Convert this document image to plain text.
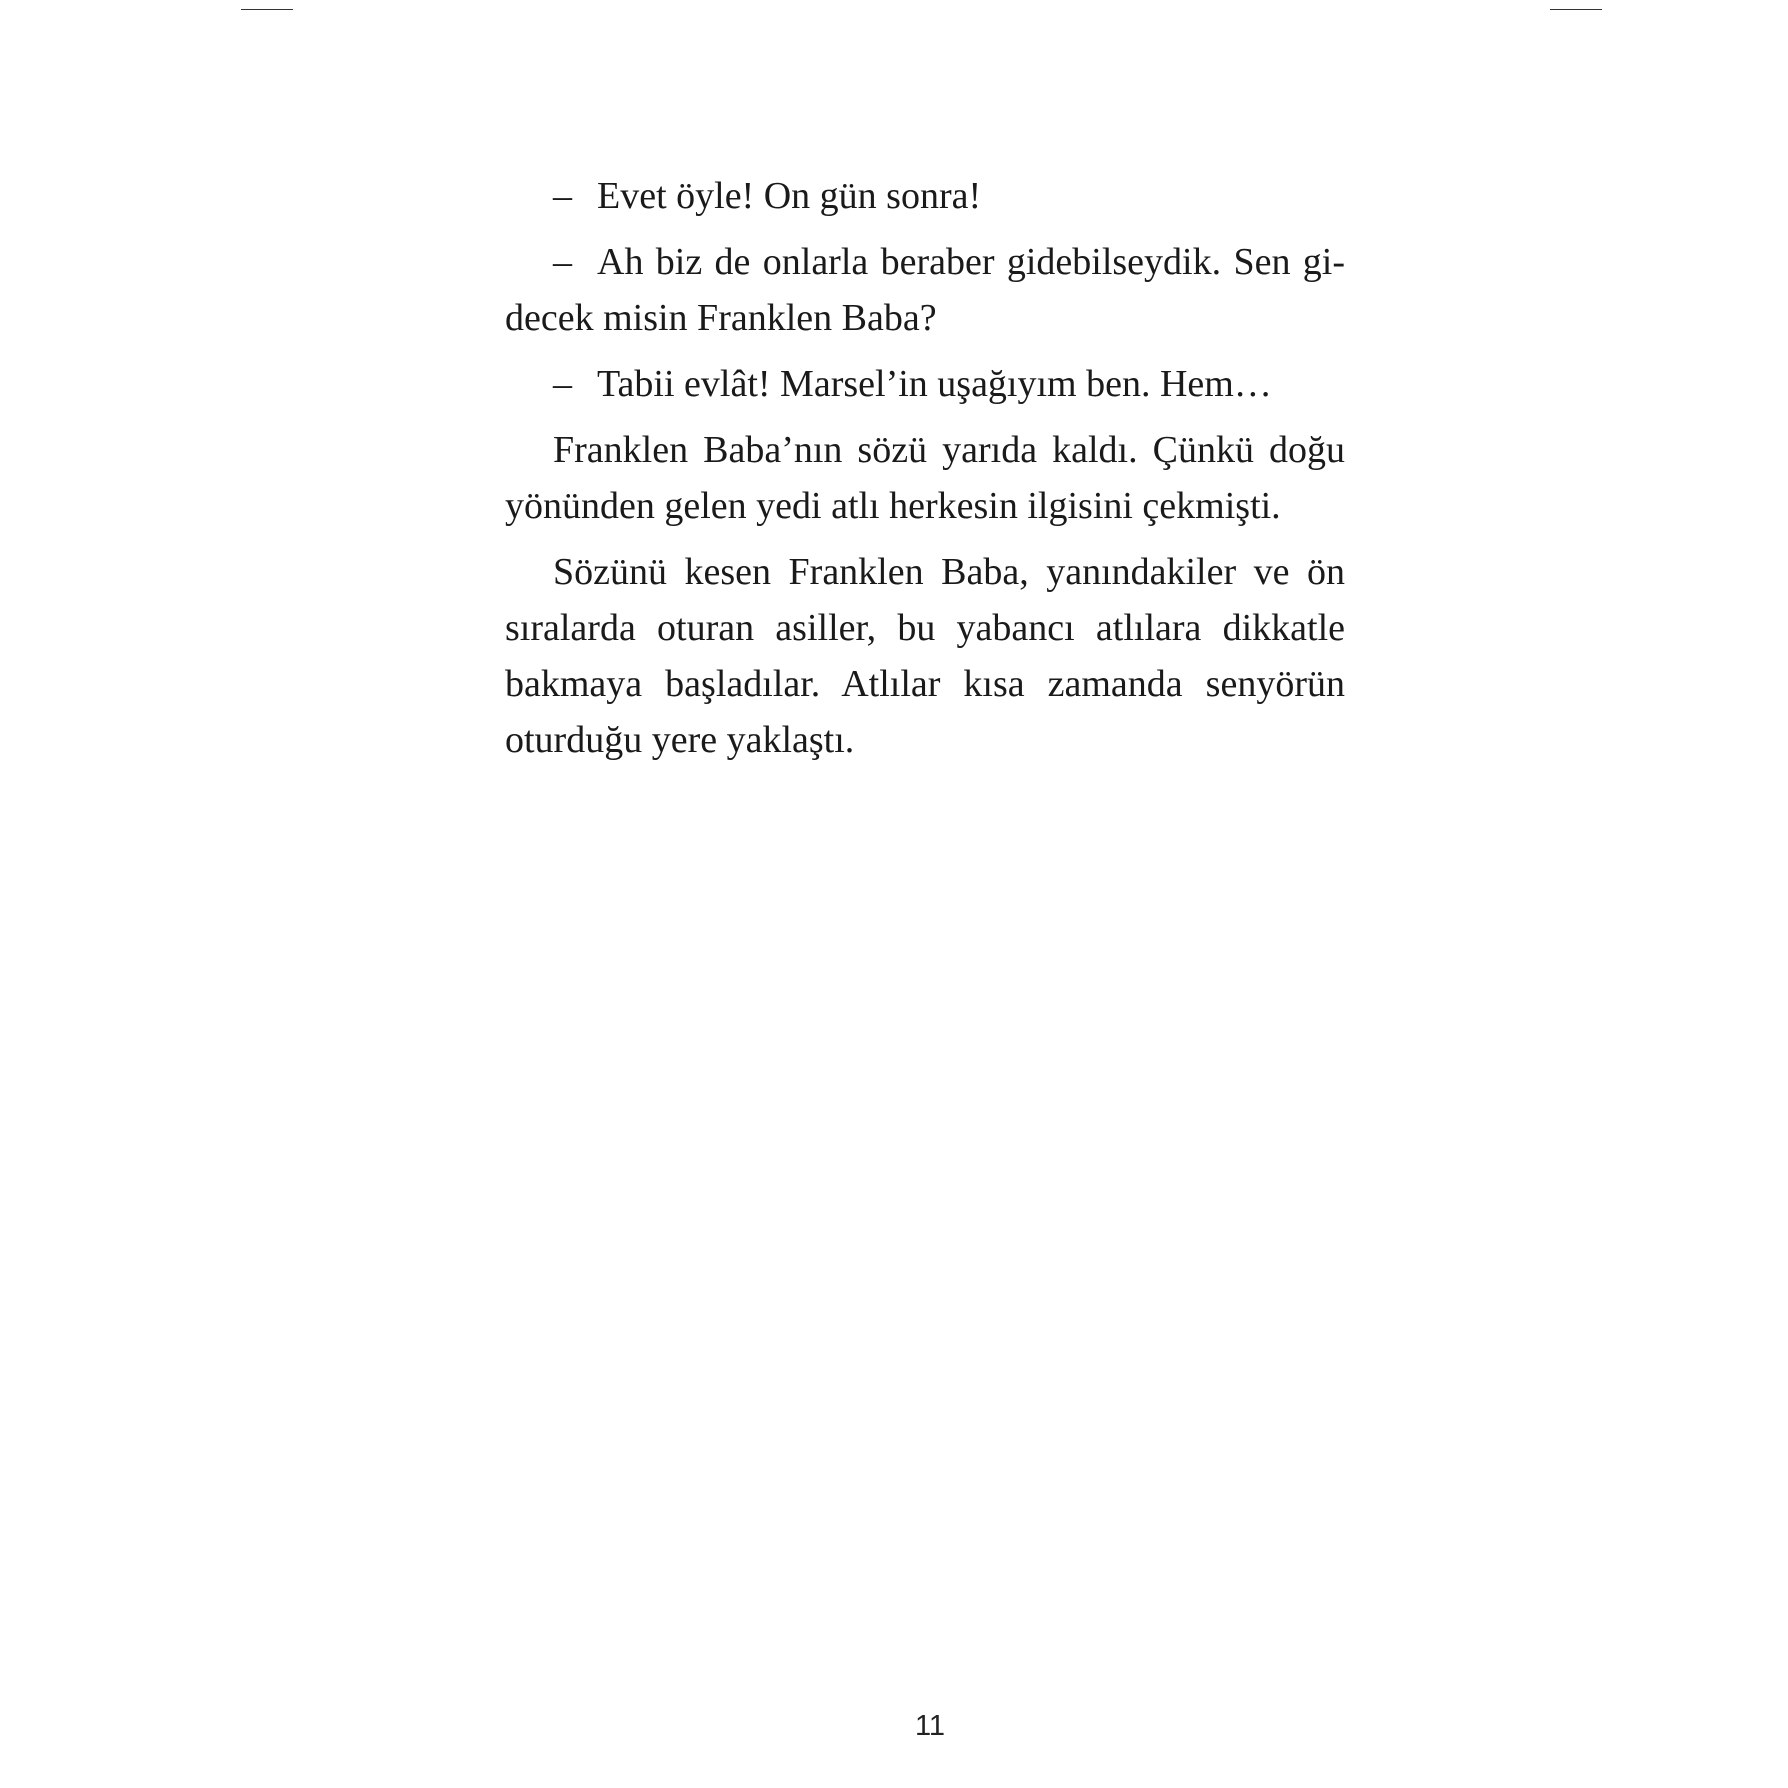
– Evet öyle! On gün sonra!

– Ah biz de onlarla beraber gidebilseydik. Sen gi- decek misin Franklen Baba?

– Tabii evlât! Marsel’in uşağıyım ben. Hem…

Franklen Baba’nın sözü yarıda kaldı. Çünkü doğu yönünden gelen yedi atlı herkesin ilgisini çekmişti.

Sözünü kesen Franklen Baba, yanındakiler ve ön sıralarda oturan asiller, bu yabancı atlılara dikkatle bakmaya başladılar. Atlılar kısa zamanda senyörün oturduğu yere yaklaştı.

11
